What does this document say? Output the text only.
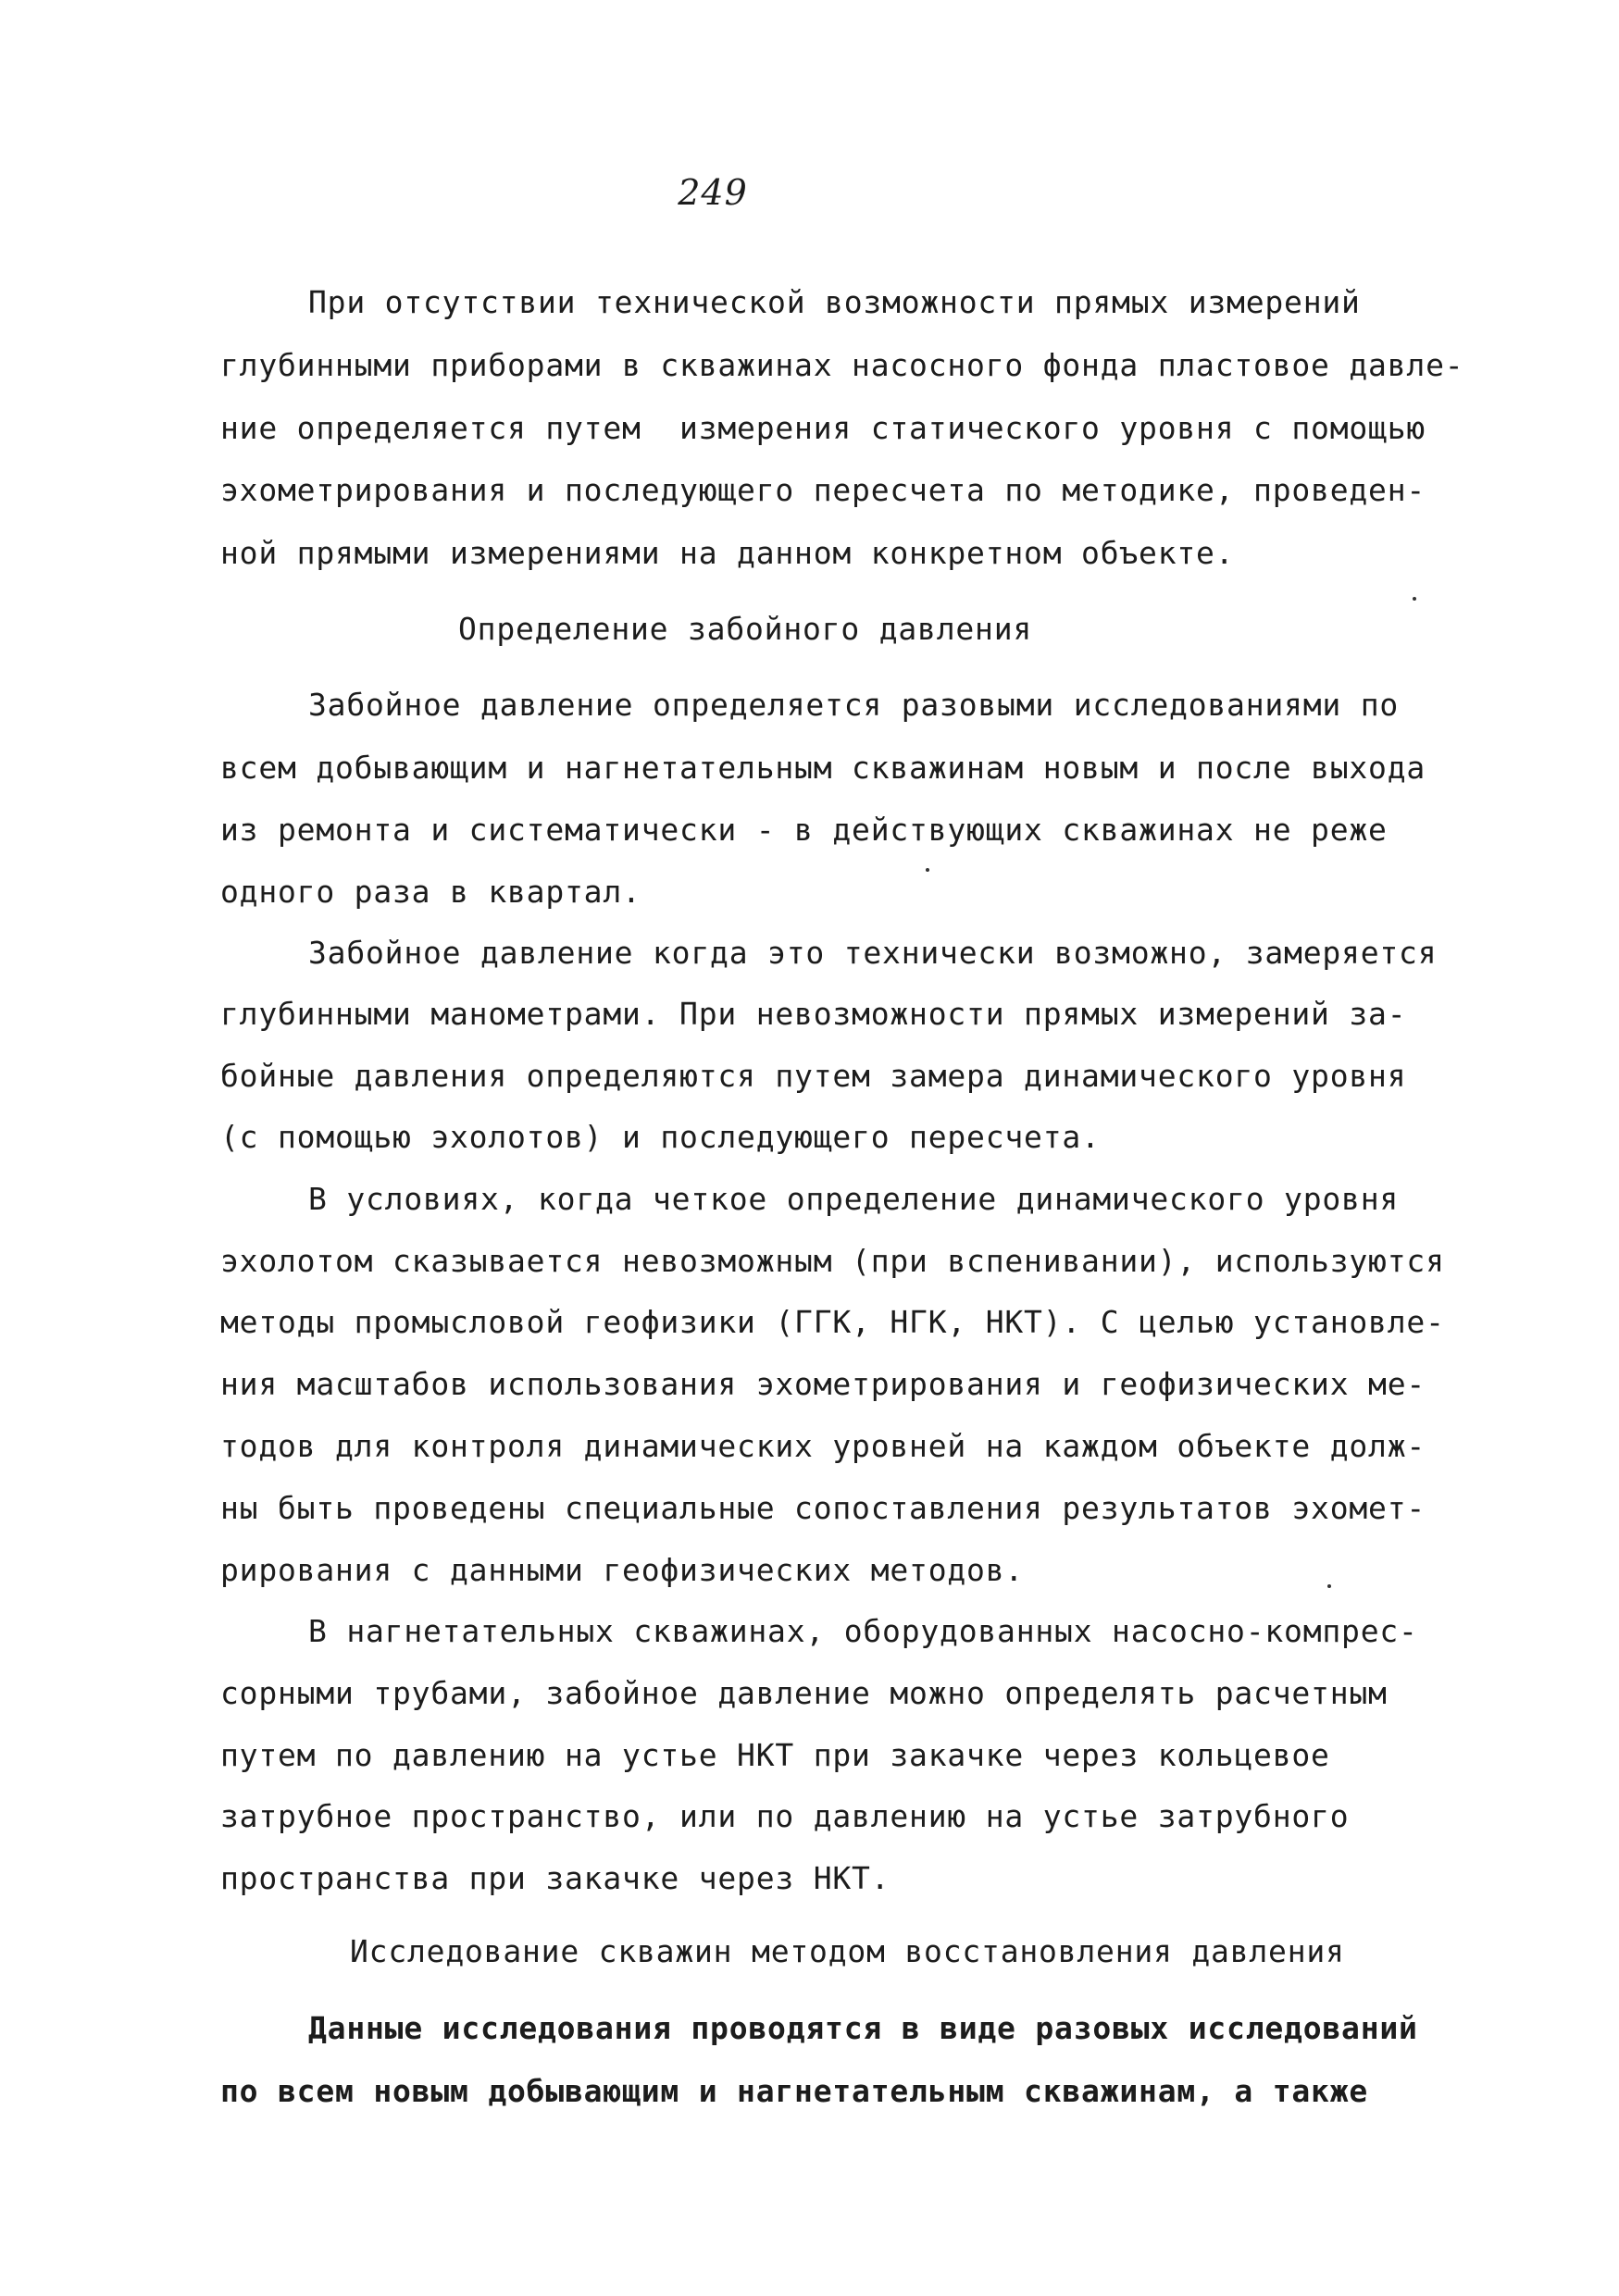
249
При отсутствии технической возможности прямых измерений
глубинными приборами в скважинах насосного фонда пластовое давле-
ние определяется путем  измерения статического уровня с помощью
эхометрирования и последующего пересчета по методике, проведен-
ной прямыми измерениями на данном конкретном объекте.
Определение забойного давления
Забойное давление определяется разовыми исследованиями по
всем добывающим и нагнетательным скважинам новым и после выхода
из ремонта и систематически - в действующих скважинах не реже
одного раза в квартал.
Забойное давление когда это технически возможно, замеряется
глубинными манометрами. При невозможности прямых измерений за-
бойные давления определяются путем замера динамического уровня
(с помощью эхолотов) и последующего пересчета.
В условиях, когда четкое определение динамического уровня
эхолотом сказывается невозможным (при вспенивании), используются
методы промысловой геофизики (ГГК, НГК, НКТ). С целью установле-
ния масштабов использования эхометрирования и геофизических ме-
тодов для контроля динамических уровней на каждом объекте долж-
ны быть проведены специальные сопоставления результатов эхомет-
рирования с данными геофизических методов.
В нагнетательных скважинах, оборудованных насосно-компрес-
сорными трубами, забойное давление можно определять расчетным
путем по давлению на устье НКТ при закачке через кольцевое
затрубное пространство, или по давлению на устье затрубного
пространства при закачке через НКТ.
Исследование скважин методом восстановления давления
Данные исследования проводятся в виде разовых исследований
по всем новым добывающим и нагнетательным скважинам, а также
